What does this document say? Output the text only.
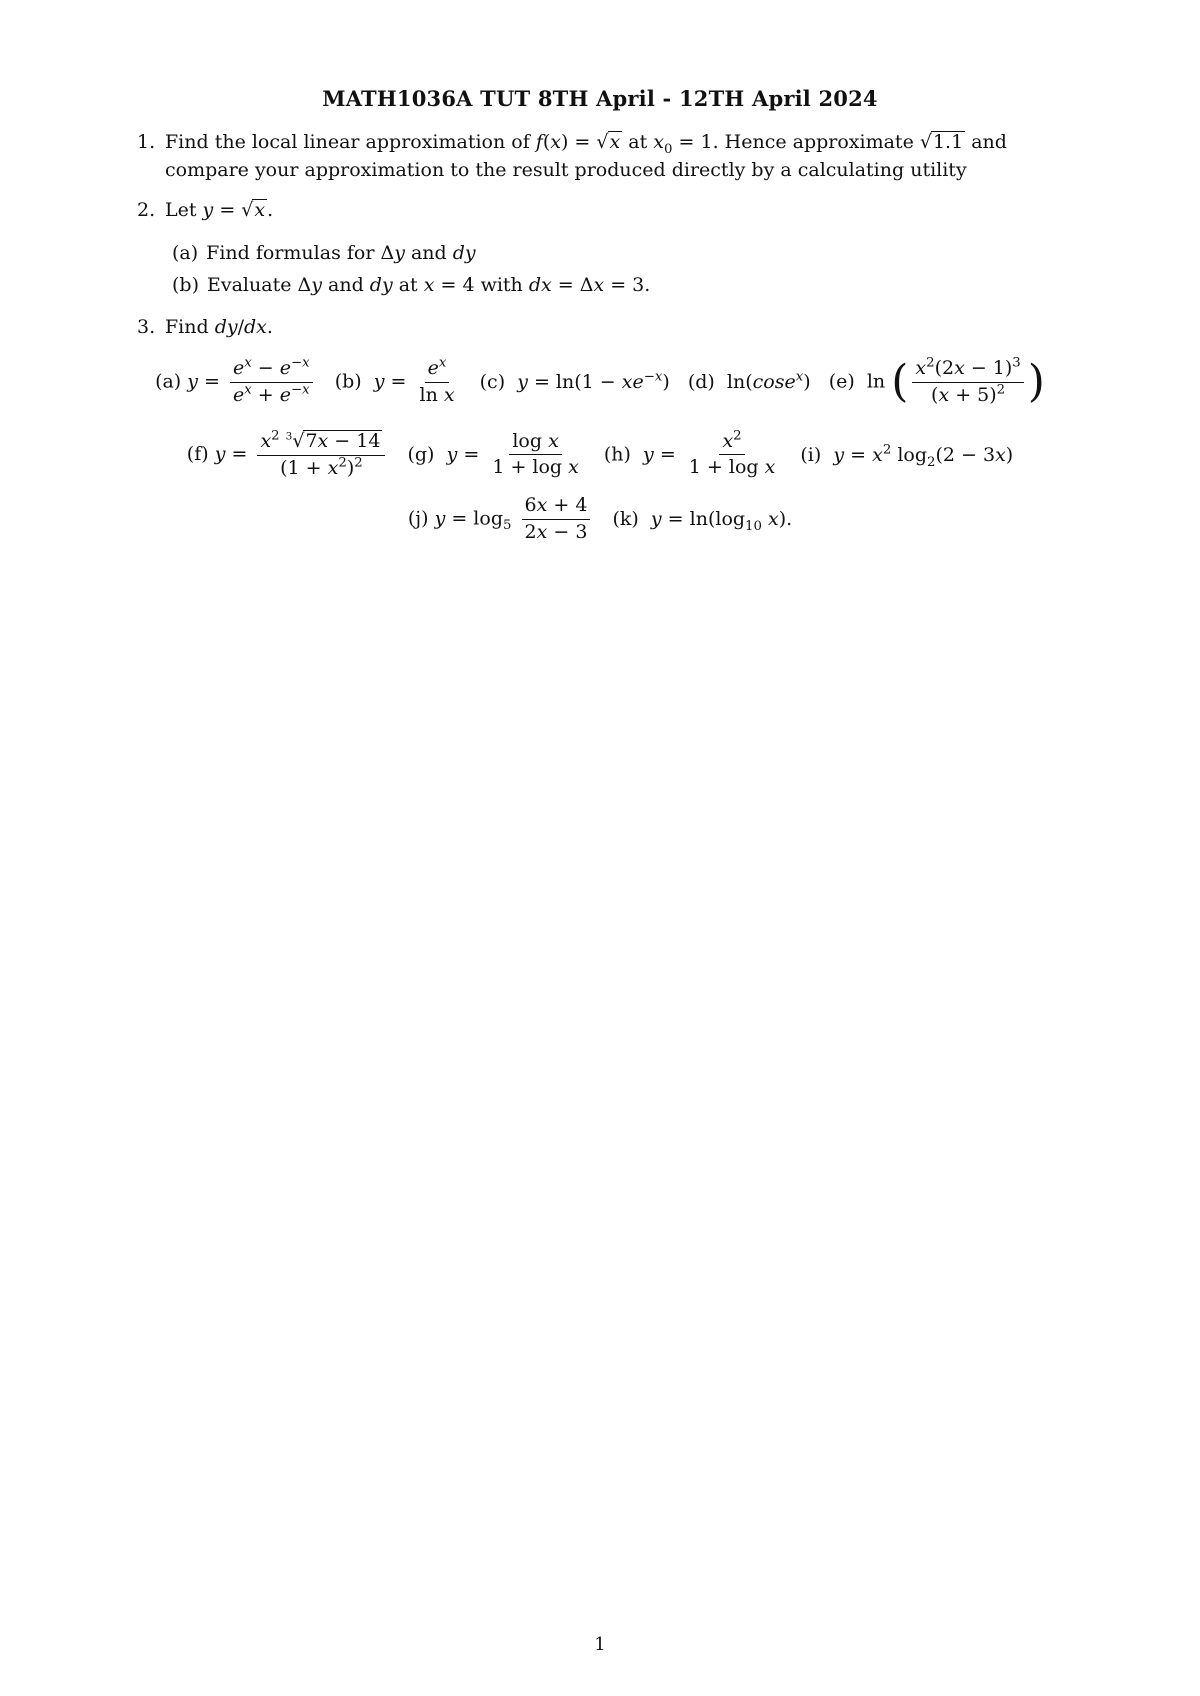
MATH1036A TUT 8TH April - 12TH April 2024
1. Find the local linear approximation of f(x) = √x at $x_0 = 1$. Hence approximate √1.1 and compare your approximation to the result produced directly by a calculating utility
2. Let y = √x .
(a) Find formulas for Δy and dy
(b) Evaluate Δy and dy at x = 4 with dx = Δx = 3.
3. Find dy/dx.
(a) $y = \frac{e^x - e^{-x}}{e^x + e^{-x}} (b) y = \frac{e^x}{\text{ln x}} (c) y = \ln(1 - xe^{-x})$ (d)  ln(cose$^x$) (e)  ln ( $\frac{x^2(2x - 1)^3}{(x + 5)^2}$ )
(f) $y = \frac{x^2 ^3√7x - 14}{(1 + x^2)^2} (g) y = \frac{\text{log x}}{\text{1 + log x}} (h) y = \frac{x^2}{\text{1 + log x}} (i) y = x^2$ $\log_2(2 - 3x)$
(j) $y = \log_5 \frac{6x + 4}{2x - 3} (k) y = \ln(\log_{10}$ x).
1
